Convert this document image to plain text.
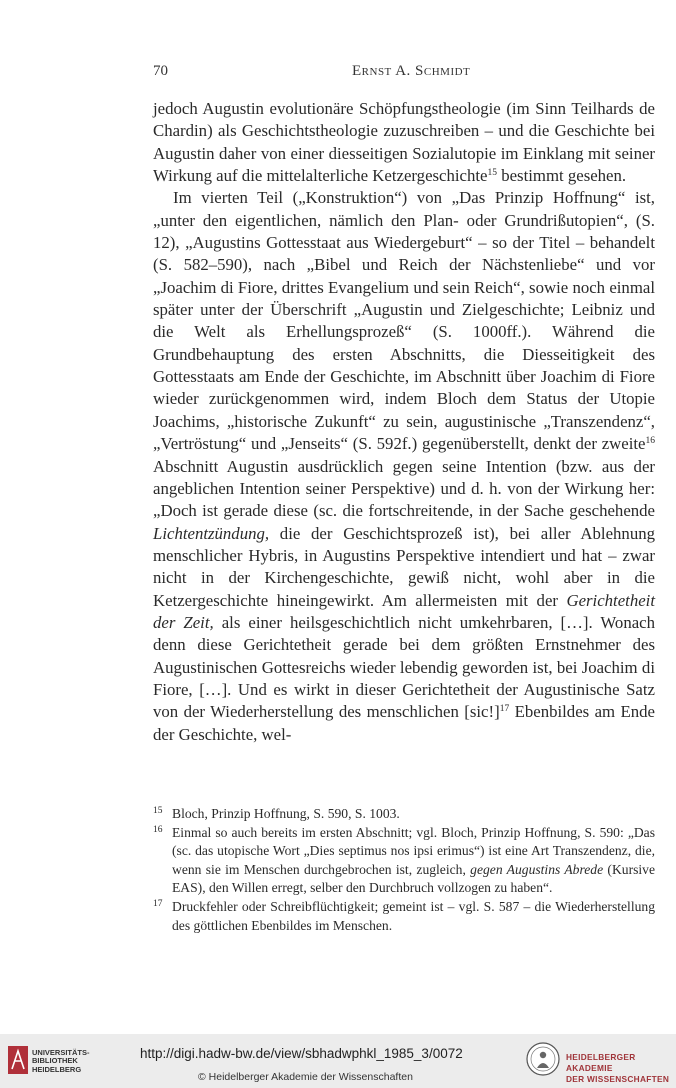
70	Ernst A. Schmidt

jedoch Augustin evolutionäre Schöpfungstheologie (im Sinn Teilhards de Chardin) als Geschichtstheologie zuzuschreiben – und die Geschichte bei Augustin daher von einer diesseitigen Sozialutopie im Einklang mit seiner Wirkung auf die mittelalterliche Ketzergeschichte$^{15}$ bestimmt gesehen.

Im vierten Teil („Konstruktion“) von „Das Prinzip Hoffnung“ ist, „unter den eigentlichen, nämlich den Plan- oder Grundrißutopien“, (S. 12), „Augustins Gottesstaat aus Wiedergeburt“ – so der Titel – behandelt (S. 582–590), nach „Bibel und Reich der Nächstenliebe“ und vor „Joachim di Fiore, drittes Evangelium und sein Reich“, sowie noch einmal später unter der Überschrift „Augustin und Zielgeschichte; Leibniz und die Welt als Erhellungsprozeß“ (S. 1000ff.). Während die Grundbehauptung des ersten Abschnitts, die Diesseitigkeit des Gottesstaats am Ende der Geschichte, im Abschnitt über Joachim di Fiore wieder zurückgenommen wird, indem Bloch dem Status der Utopie Joachims, „historische Zukunft“ zu sein, augustinische „Transzendenz“, „Vertröstung“ und „Jenseits“ (S. 592f.) gegenüberstellt, denkt der zweite$^{16}$ Abschnitt Augustin ausdrücklich gegen seine Intention (bzw. aus der angeblichen Intention seiner Perspektive) und d. h. von der Wirkung her: „Doch ist gerade diese (sc. die fortschreitende, in der Sache geschehende Lichtentzündung, die der Geschichtsprozeß ist), bei aller Ablehnung menschlicher Hybris, in Augustins Perspektive intendiert und hat – zwar nicht in der Kirchengeschichte, gewiß nicht, wohl aber in die Ketzergeschichte hineingewirkt. Am allermeisten mit der Gerichtetheit der Zeit, als einer heilsgeschichtlich nicht umkehrbaren, […]. Wonach denn diese Gerichtetheit gerade bei dem größten Ernstnehmer des Augustinischen Gottesreichs wieder lebendig geworden ist, bei Joachim di Fiore, […]. Und es wirkt in dieser Gerichtetheit der Augustinische Satz von der Wiederherstellung des menschlichen $[sic!]^{17}$ Ebenbildes am Ende der Geschichte, wel-

15 Bloch, Prinzip Hoffnung, S. 590, S. 1003.
16 Einmal so auch bereits im ersten Abschnitt; vgl. Bloch, Prinzip Hoffnung, S. 590: „Das (sc. das utopische Wort „Dies septimus nos ipsi erimus“) ist eine Art Transzendenz, die, wenn sie im Menschen durchgebrochen ist, zugleich, gegen Augustins Abrede (Kursive EAS), den Willen erregt, selber den Durchbruch vollzogen zu haben“.
17 Druckfehler oder Schreibflüchtigkeit; gemeint ist – vgl. S. 587 – die Wiederherstellung des göttlichen Ebenbildes im Menschen.
UNIVERSITÄTS-
BIBLIOTHEK
HEIDELBERG
http://digi.hadw-bw.de/view/sbhadwphkl_1985_3/0072
© Heidelberger Akademie der Wissenschaften
HEIDELBERGER AKADEMIE
DER WISSENSCHAFTEN
